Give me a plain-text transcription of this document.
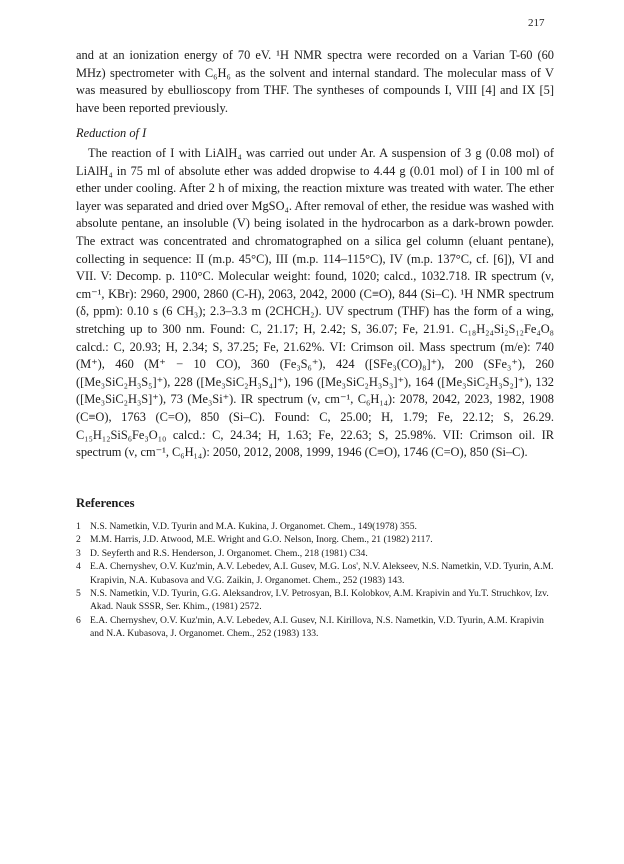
217

and at an ionization energy of 70 eV. ¹H NMR spectra were recorded on a Varian T-60 (60 MHz) spectrometer with C₆H₆ as the solvent and internal standard. The molecular mass of V was measured by ebullioscopy from THF. The syntheses of compounds I, VIII [4] and IX [5] have been reported previously.

Reduction of I

The reaction of I with LiAlH₄ was carried out under Ar. A suspension of 3 g (0.08 mol) of LiAlH₄ in 75 ml of absolute ether was added dropwise to 4.44 g (0.01 mol) of I in 100 ml of ether under cooling. After 2 h of mixing, the reaction mixture was treated with water. The ether layer was separated and dried over MgSO₄. After removal of ether, the residue was washed with absolute pentane, an insoluble (V) being isolated in the hydrocarbon as a dark-brown powder. The extract was concentrated and chromatographed on a silica gel column (eluant pentane), collecting in sequence: II (m.p. 45°C), III (m.p. 114–115°C), IV (m.p. 137°C, cf. [6]), VI and VII. V: Decomp. p. 110°C. Molecular weight: found, 1020; calcd., 1032.718. IR spectrum (ν, cm⁻¹, KBr): 2960, 2900, 2860 (C-H), 2063, 2042, 2000 (C≡O), 844 (Si–C). ¹H NMR spectrum (δ, ppm): 0.10 s (6 CH₃); 2.3–3.3 m (2CHCH₂). UV spectrum (THF) has the form of a wing, stretching up to 300 nm. Found: C, 21.17; H, 2.42; S, 36.07; Fe, 21.91. C₁₈H₂₄Si₂S₁₂Fe₄O₈ calcd.: C, 20.93; H, 2.34; S, 37.25; Fe, 21.62%. VI: Crimson oil. Mass spectrum (m/e): 740 (M⁺), 460 (M⁺ − 10 CO), 360 (Fe₃S₆⁺), 424 ([SFe₃(CO)₈]⁺), 200 (SFe₃⁺), 260 ([Me₃SiC₂H₃S₅]⁺), 228 ([Me₃SiC₂H₃S₄]⁺), 196 ([Me₃SiC₂H₃S₃]⁺), 164 ([Me₃SiC₂H₃S₂]⁺), 132 ([Me₃SiC₂H₃S]⁺), 73 (Me₃Si⁺). IR spectrum (ν, cm⁻¹, C₆H₁₄): 2078, 2042, 2023, 1982, 1908 (C≡O), 1763 (C=O), 850 (Si–C). Found: C, 25.00; H, 1.79; Fe, 22.12; S, 26.29. C₁₅H₁₂SiS₆Fe₃O₁₀ calcd.: C, 24.34; H, 1.63; Fe, 22.63; S, 25.98%. VII: Crimson oil. IR spectrum (ν, cm⁻¹, C₆H₁₄): 2050, 2012, 2008, 1999, 1946 (C≡O), 1746 (C=O), 850 (Si–C).

References
1 N.S. Nametkin, V.D. Tyurin and M.A. Kukina, J. Organomet. Chem., 149(1978) 355.
2 M.M. Harris, J.D. Atwood, M.E. Wright and G.O. Nelson, Inorg. Chem., 21 (1982) 2117.
3 D. Seyferth and R.S. Henderson, J. Organomet. Chem., 218 (1981) C34.
4 E.A. Chernyshev, O.V. Kuz'min, A.V. Lebedev, A.I. Gusev, M.G. Los', N.V. Alekseev, N.S. Nametkin, V.D. Tyurin, A.M. Krapivin, N.A. Kubasova and V.G. Zaikin, J. Organomet. Chem., 252 (1983) 143.
5 N.S. Nametkin, V.D. Tyurin, G.G. Aleksandrov, I.V. Petrosyan, B.I. Kolobkov, A.M. Krapivin and Yu.T. Struchkov, Izv. Akad. Nauk SSSR, Ser. Khim., (1981) 2572.
6 E.A. Chernyshev, O.V. Kuz'min, A.V. Lebedev, A.I. Gusev, N.I. Kirillova, N.S. Nametkin, V.D. Tyurin, A.M. Krapivin and N.A. Kubasova, J. Organomet. Chem., 252 (1983) 133.
